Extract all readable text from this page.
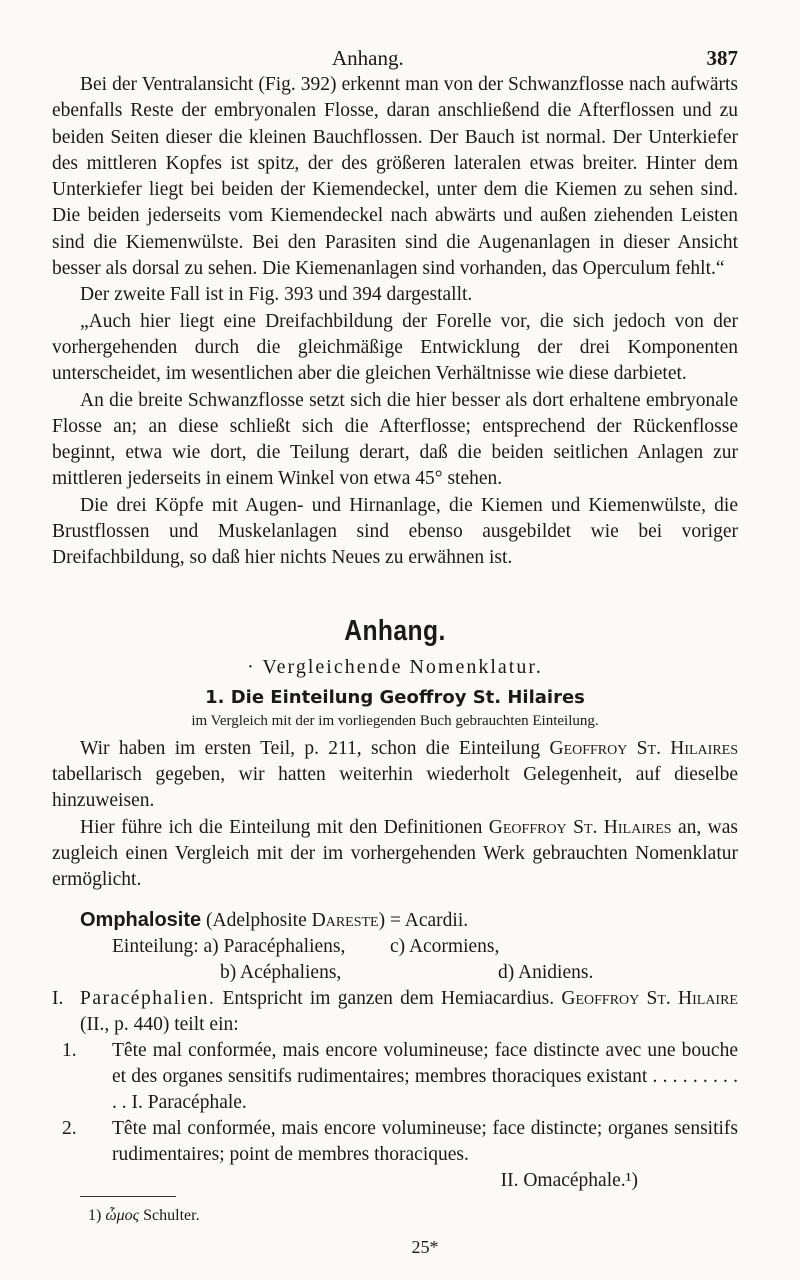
Anhang.	387

Bei der Ventralansicht (Fig. 392) erkennt man von der Schwanzflosse nach aufwärts ebenfalls Reste der embryonalen Flosse, daran anschließend die Afterflossen und zu beiden Seiten dieser die kleinen Bauchflossen. Der Bauch ist normal. Der Unterkiefer des mittleren Kopfes ist spitz, der des größeren lateralen etwas breiter. Hinter dem Unterkiefer liegt bei beiden der Kiemendeckel, unter dem die Kiemen zu sehen sind. Die beiden jederseits vom Kiemendeckel nach abwärts und außen ziehenden Leisten sind die Kiemenwülste. Bei den Parasiten sind die Augenanlagen in dieser Ansicht besser als dorsal zu sehen. Die Kiemenanlagen sind vorhanden, das Operculum fehlt.“

Der zweite Fall ist in Fig. 393 und 394 dargestallt.

„Auch hier liegt eine Dreifachbildung der Forelle vor, die sich jedoch von der vorhergehenden durch die gleichmäßige Entwicklung der drei Komponenten unterscheidet, im wesentlichen aber die gleichen Verhältnisse wie diese darbietet.

An die breite Schwanzflosse setzt sich die hier besser als dort erhaltene embryonale Flosse an; an diese schließt sich die Afterflosse; entsprechend der Rückenflosse beginnt, etwa wie dort, die Teilung derart, daß die beiden seitlichen Anlagen zur mittleren jederseits in einem Winkel von etwa 45° stehen.

Die drei Köpfe mit Augen- und Hirnanlage, die Kiemen und Kiemenwülste, die Brustflossen und Muskelanlagen sind ebenso ausgebildet wie bei voriger Dreifachbildung, so daß hier nichts Neues zu erwähnen ist.

Anhang.
· Vergleichende Nomenklatur.
1. Die Einteilung Geoffroy St. Hilaires
im Vergleich mit der im vorliegenden Buch gebrauchten Einteilung.

Wir haben im ersten Teil, p. 211, schon die Einteilung Geoffroy St. Hilaires tabellarisch gegeben, wir hatten weiterhin wiederholt Gelegenheit, auf dieselbe hinzuweisen.

Hier führe ich die Einteilung mit den Definitionen Geoffroy St. Hilaires an, was zugleich einen Vergleich mit der im vorhergehenden Werk gebrauchten Nomenklatur ermöglicht.

Omphalosite (Adelphosite Dareste) = Acardii.
Einteilung: a) Paracéphaliens,	c) Acormiens,
b) Acéphaliens,	d) Anidiens.
I. Paracéphalien. Entspricht im ganzen dem Hemiacardius. Geoffroy St. Hilaire (II., p. 440) teilt ein:
1.	Tête mal conformée, mais encore volumineuse; face distincte avec une bouche et des organes sensitifs rudimentaires; membres thoraciques existant . . . . . . . . . . . I. Paracéphale.
2.	Tête mal conformée, mais encore volumineuse; face distincte; organes sensitifs rudimentaires; point de membres thoraciques.
II. Omacéphale.¹)
1) ὦμος Schulter.
25*
